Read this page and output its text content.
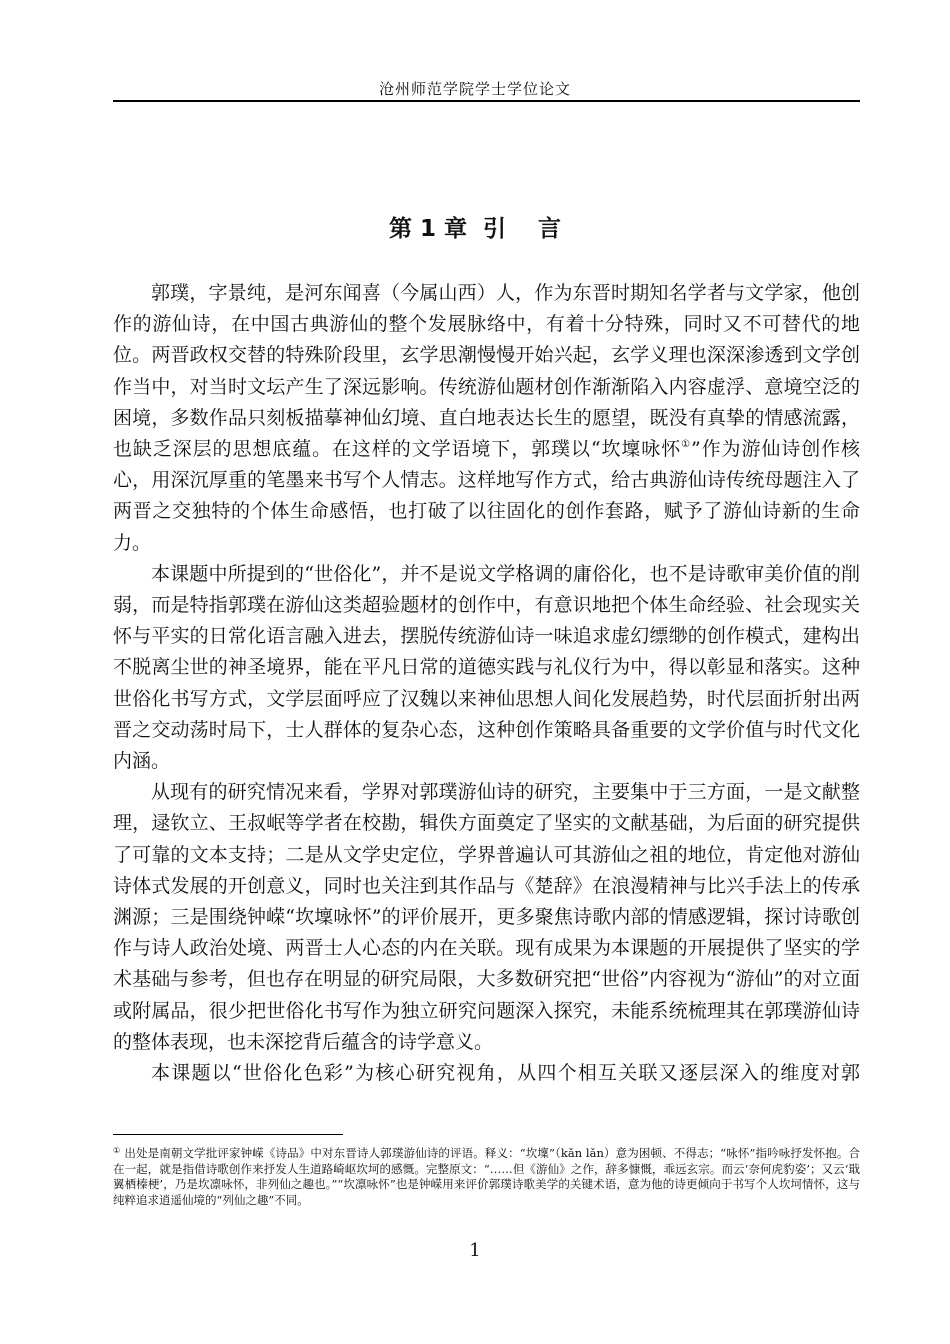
沧州师范学院学士学位论文
第 1 章  引    言

郭璞，字景纯，是河东闻喜（今属山西）人，作为东晋时期知名学者与文学家，他创作的游仙诗，在中国古典游仙的整个发展脉络中，有着十分特殊，同时又不可替代的地位。两晋政权交替的特殊阶段里，玄学思潮慢慢开始兴起，玄学义理也深深渗透到文学创作当中，对当时文坛产生了深远影响。传统游仙题材创作渐渐陷入内容虚浮、意境空泛的困境，多数作品只刻板描摹神仙幻境、直白地表达长生的愿望，既没有真挚的情感流露，也缺乏深层的思想底蕴。在这样的文学语境下，郭璞以“坎壈咏怀①”作为游仙诗创作核心，用深沉厚重的笔墨来书写个人情志。这样地写作方式，给古典游仙诗传统母题注入了两晋之交独特的个体生命感悟，也打破了以往固化的创作套路，赋予了游仙诗新的生命力。

本课题中所提到的“世俗化”，并不是说文学格调的庸俗化，也不是诗歌审美价值的削弱，而是特指郭璞在游仙这类超验题材的创作中，有意识地把个体生命经验、社会现实关怀与平实的日常化语言融入进去，摆脱传统游仙诗一味追求虚幻缥缈的创作模式，建构出不脱离尘世的神圣境界，能在平凡日常的道德实践与礼仪行为中，得以彰显和落实。这种世俗化书写方式，文学层面呼应了汉魏以来神仙思想人间化发展趋势，时代层面折射出两晋之交动荡时局下，士人群体的复杂心态，这种创作策略具备重要的文学价值与时代文化内涵。

从现有的研究情况来看，学界对郭璞游仙诗的研究，主要集中于三方面，一是文献整理，逯钦立、王叔岷等学者在校勘，辑佚方面奠定了坚实的文献基础，为后面的研究提供了可靠的文本支持；二是从文学史定位，学界普遍认可其游仙之祖的地位，肯定他对游仙诗体式发展的开创意义，同时也关注到其作品与《楚辞》在浪漫精神与比兴手法上的传承渊源；三是围绕钟嵘“坎壈咏怀”的评价展开，更多聚焦诗歌内部的情感逻辑，探讨诗歌创作与诗人政治处境、两晋士人心态的内在关联。现有成果为本课题的开展提供了坚实的学术基础与参考，但也存在明显的研究局限，大多数研究把“世俗”内容视为“游仙”的对立面或附属品，很少把世俗化书写作为独立研究问题深入探究，未能系统梳理其在郭璞游仙诗的整体表现，也未深挖背后蕴含的诗学意义。

本课题以“世俗化色彩”为核心研究视角，从四个相互关联又逐层深入的维度对郭

① 出处是南朝文学批评家钟嵘《诗品》中对东晋诗人郭璞游仙诗的评语。释义：“坎壈”（kǎn lǎn）意为困顿、不得志；“咏怀”指吟咏抒发怀抱。合在一起，就是指借诗歌创作来抒发人生道路崎岖坎坷的感慨。完整原文：“……但《游仙》之作，辞多慷慨，乖远玄宗。而云‘奈何虎豹姿’；又云‘戢翼栖榛梗’，乃是坎凛咏怀，非列仙之趣也。”“坎凛咏怀”也是钟嵘用来评价郭璞诗歌美学的关键术语，意为他的诗更倾向于书写个人坎坷情怀，这与纯粹追求逍遥仙境的“列仙之趣”不同。
1
